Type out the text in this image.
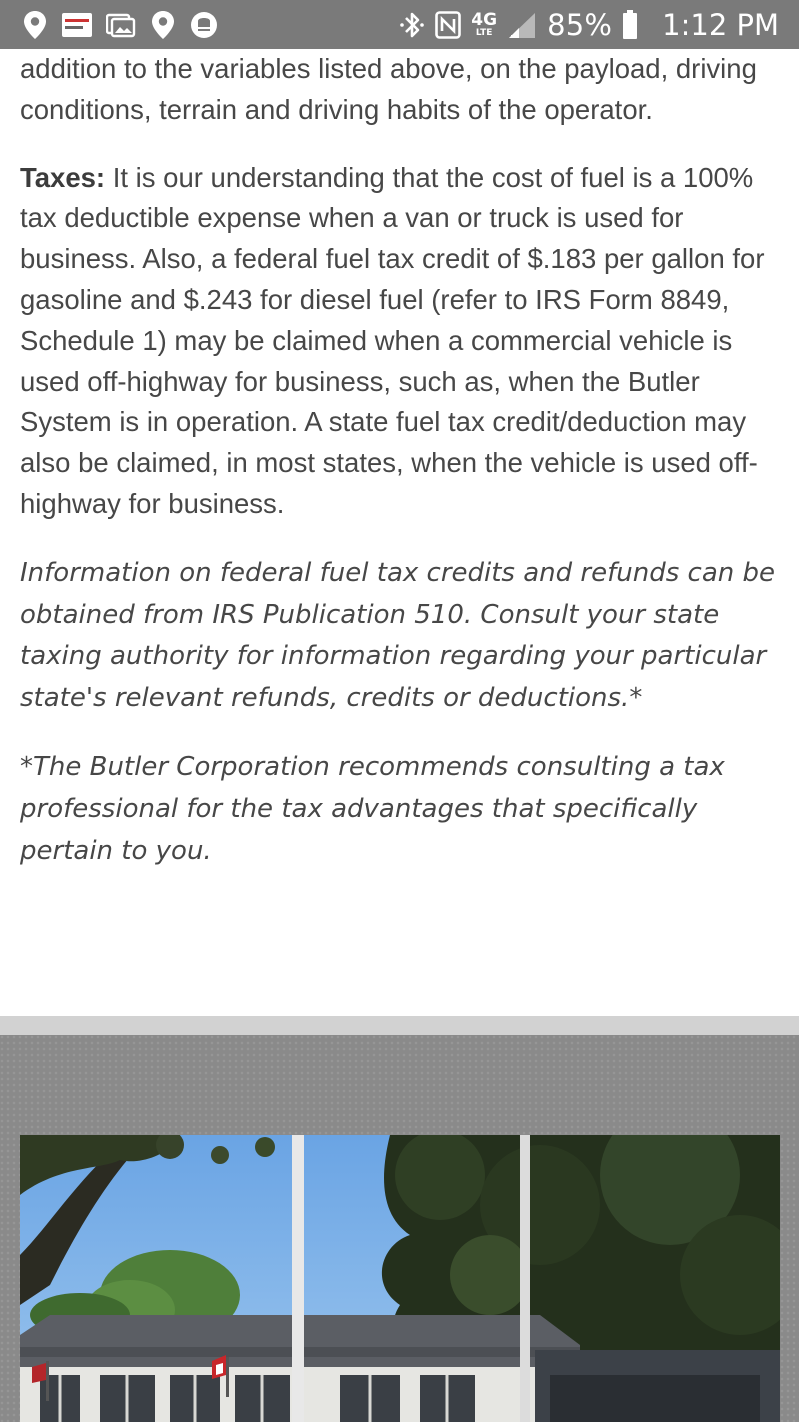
4G
LTE 85% 1:12 PM

addition to the variables listed above, on the payload, driving conditions, terrain and driving habits of the operator.

Taxes: It is our understanding that the cost of fuel is a 100% tax deductible expense when a van or truck is used for business. Also, a federal fuel tax credit of $.183 per gallon for gasoline and $.243 for diesel fuel (refer to IRS Form 8849, Schedule 1) may be claimed when a commercial vehicle is used off-highway for business, such as, when the Butler System is in operation. A state fuel tax credit/deduction may also be claimed, in most states, when the vehicle is used off-highway for business.

Information on federal fuel tax credits and refunds can be obtained from IRS Publication 510. Consult your state taxing authority for information regarding your particular state's relevant refunds, credits or deductions.*

*The Butler Corporation recommends consulting a tax professional for the tax advantages that specifically pertain to you.
